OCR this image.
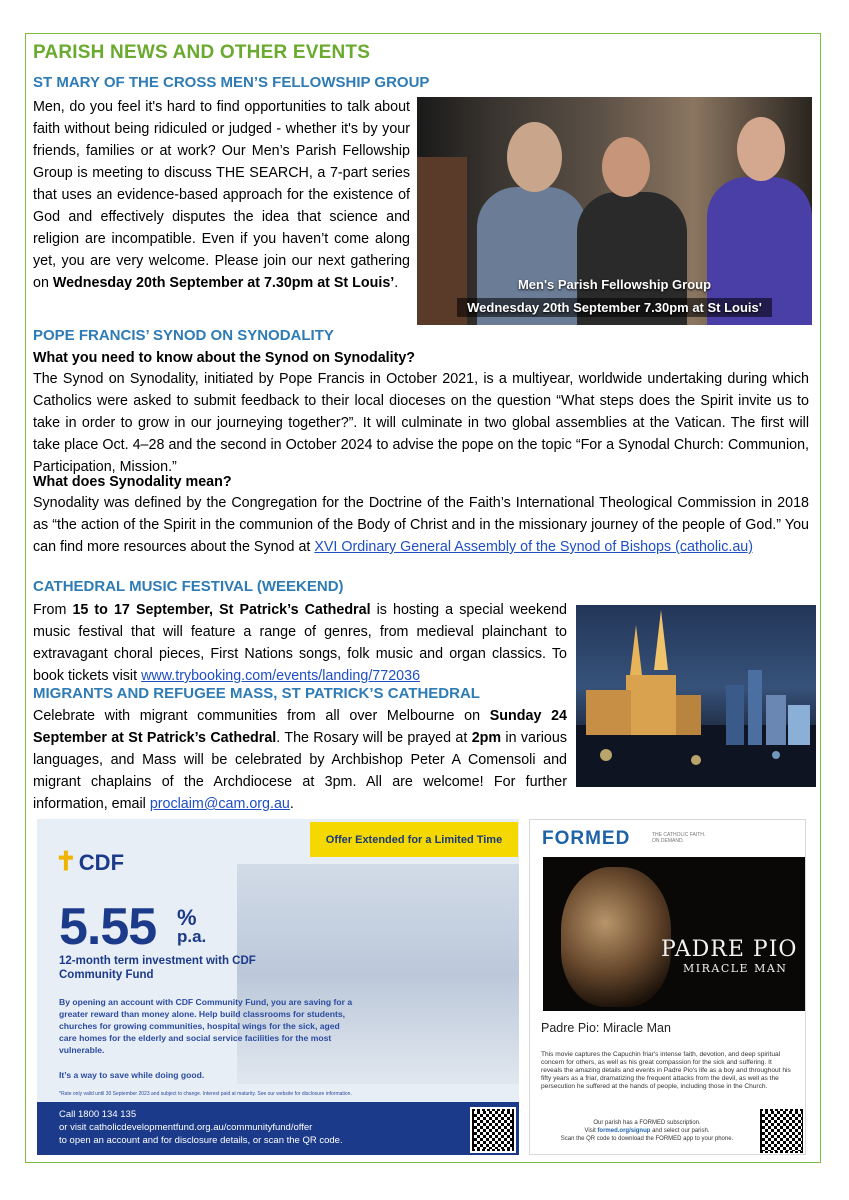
PARISH NEWS AND OTHER EVENTS
ST MARY OF THE CROSS MEN’S FELLOWSHIP GROUP

Men, do you feel it's hard to find opportunities to talk about faith without being ridiculed or judged - whether it's by your friends, families or at work? Our Men’s Parish Fellowship Group is meeting to discuss THE SEARCH, a 7-part series that uses an evidence-based approach for the existence of God and effectively disputes the idea that science and religion are incompatible. Even if you haven’t come along yet, you are very welcome. Please join our next gathering on Wednesday 20th September at 7.30pm at St Louis’.	Men's Parish Fellowship Group
Wednesday 20th September 7.30pm at St Louis'
POPE FRANCIS’ SYNOD ON SYNODALITY

What you need to know about the Synod on Synodality?

The Synod on Synodality, initiated by Pope Francis in October 2021, is a multiyear, worldwide undertaking during which Catholics were asked to submit feedback to their local dioceses on the question “What steps does the Spirit invite us to take in order to grow in our journeying together?”. It will culminate in two global assemblies at the Vatican. The first will take place Oct. 4–28 and the second in October 2024 to advise the pope on the topic “For a Synodal Church: Communion, Participation, Mission.”

What does Synodality mean?

Synodality was defined by the Congregation for the Doctrine of the Faith’s International Theological Commission in 2018 as “the action of the Spirit in the communion of the Body of Christ and in the missionary journey of the people of God.” You can find more resources about the Synod at XVI Ordinary General Assembly of the Synod of Bishops (catholic.au)

CATHEDRAL MUSIC FESTIVAL (WEEKEND)

From 15 to 17 September, St Patrick’s Cathedral is hosting a special weekend music festival that will feature a range of genres, from medieval plainchant to extravagant choral pieces, First Nations songs, folk music and organ classics. To book tickets visit www.trybooking.com/events/landing/772036

MIGRANTS AND REFUGEE MASS, ST PATRICK’S CATHEDRAL

Celebrate with migrant communities from all over Melbourne on Sunday 24 September at St Patrick’s Cathedral. The Rosary will be prayed at 2pm in various languages, and Mass will be celebrated by Archbishop Peter A Comensoli and migrant chaplains of the Archdiocese at 3pm. All are welcome! For further information, email proclaim@cam.org.au.

Offer Extended for a Limited Time
✝CDF
5.55 %
p.a.
12-month term investment with CDF Community Fund
By opening an account with CDF Community Fund, you are saving for a greater reward than money alone. Help build classrooms for students, churches for growing communities, hospital wings for the sick, aged care homes for the elderly and social service facilities for the most vulnerable.
It’s a way to save while doing good.
*Rate only valid until 30 September 2023 and subject to change. Interest paid at maturity. See our website for disclosure information.
Call 1800 134 135
or visit catholicdevelopmentfund.org.au/communityfund/offer
to open an account and for disclosure details, or scan the QR code.
FORMED	THE CATHOLIC FAITH.
ON DEMAND.
PADRE PIO
MIRACLE MAN
Padre Pio: Miracle Man
This movie captures the Capuchin friar's intense faith, devotion, and deep spiritual concern for others, as well as his great compassion for the sick and suffering. It reveals the amazing details and events in Padre Pio's life as a boy and throughout his fifty years as a friar, dramatizing the frequent attacks from the devil, as well as the persecution he suffered at the hands of people, including those in the Church.
Our parish has a FORMED subscription.
Visit formed.org/signup and select our parish.
Scan the QR code to download the FORMED app to your phone.
